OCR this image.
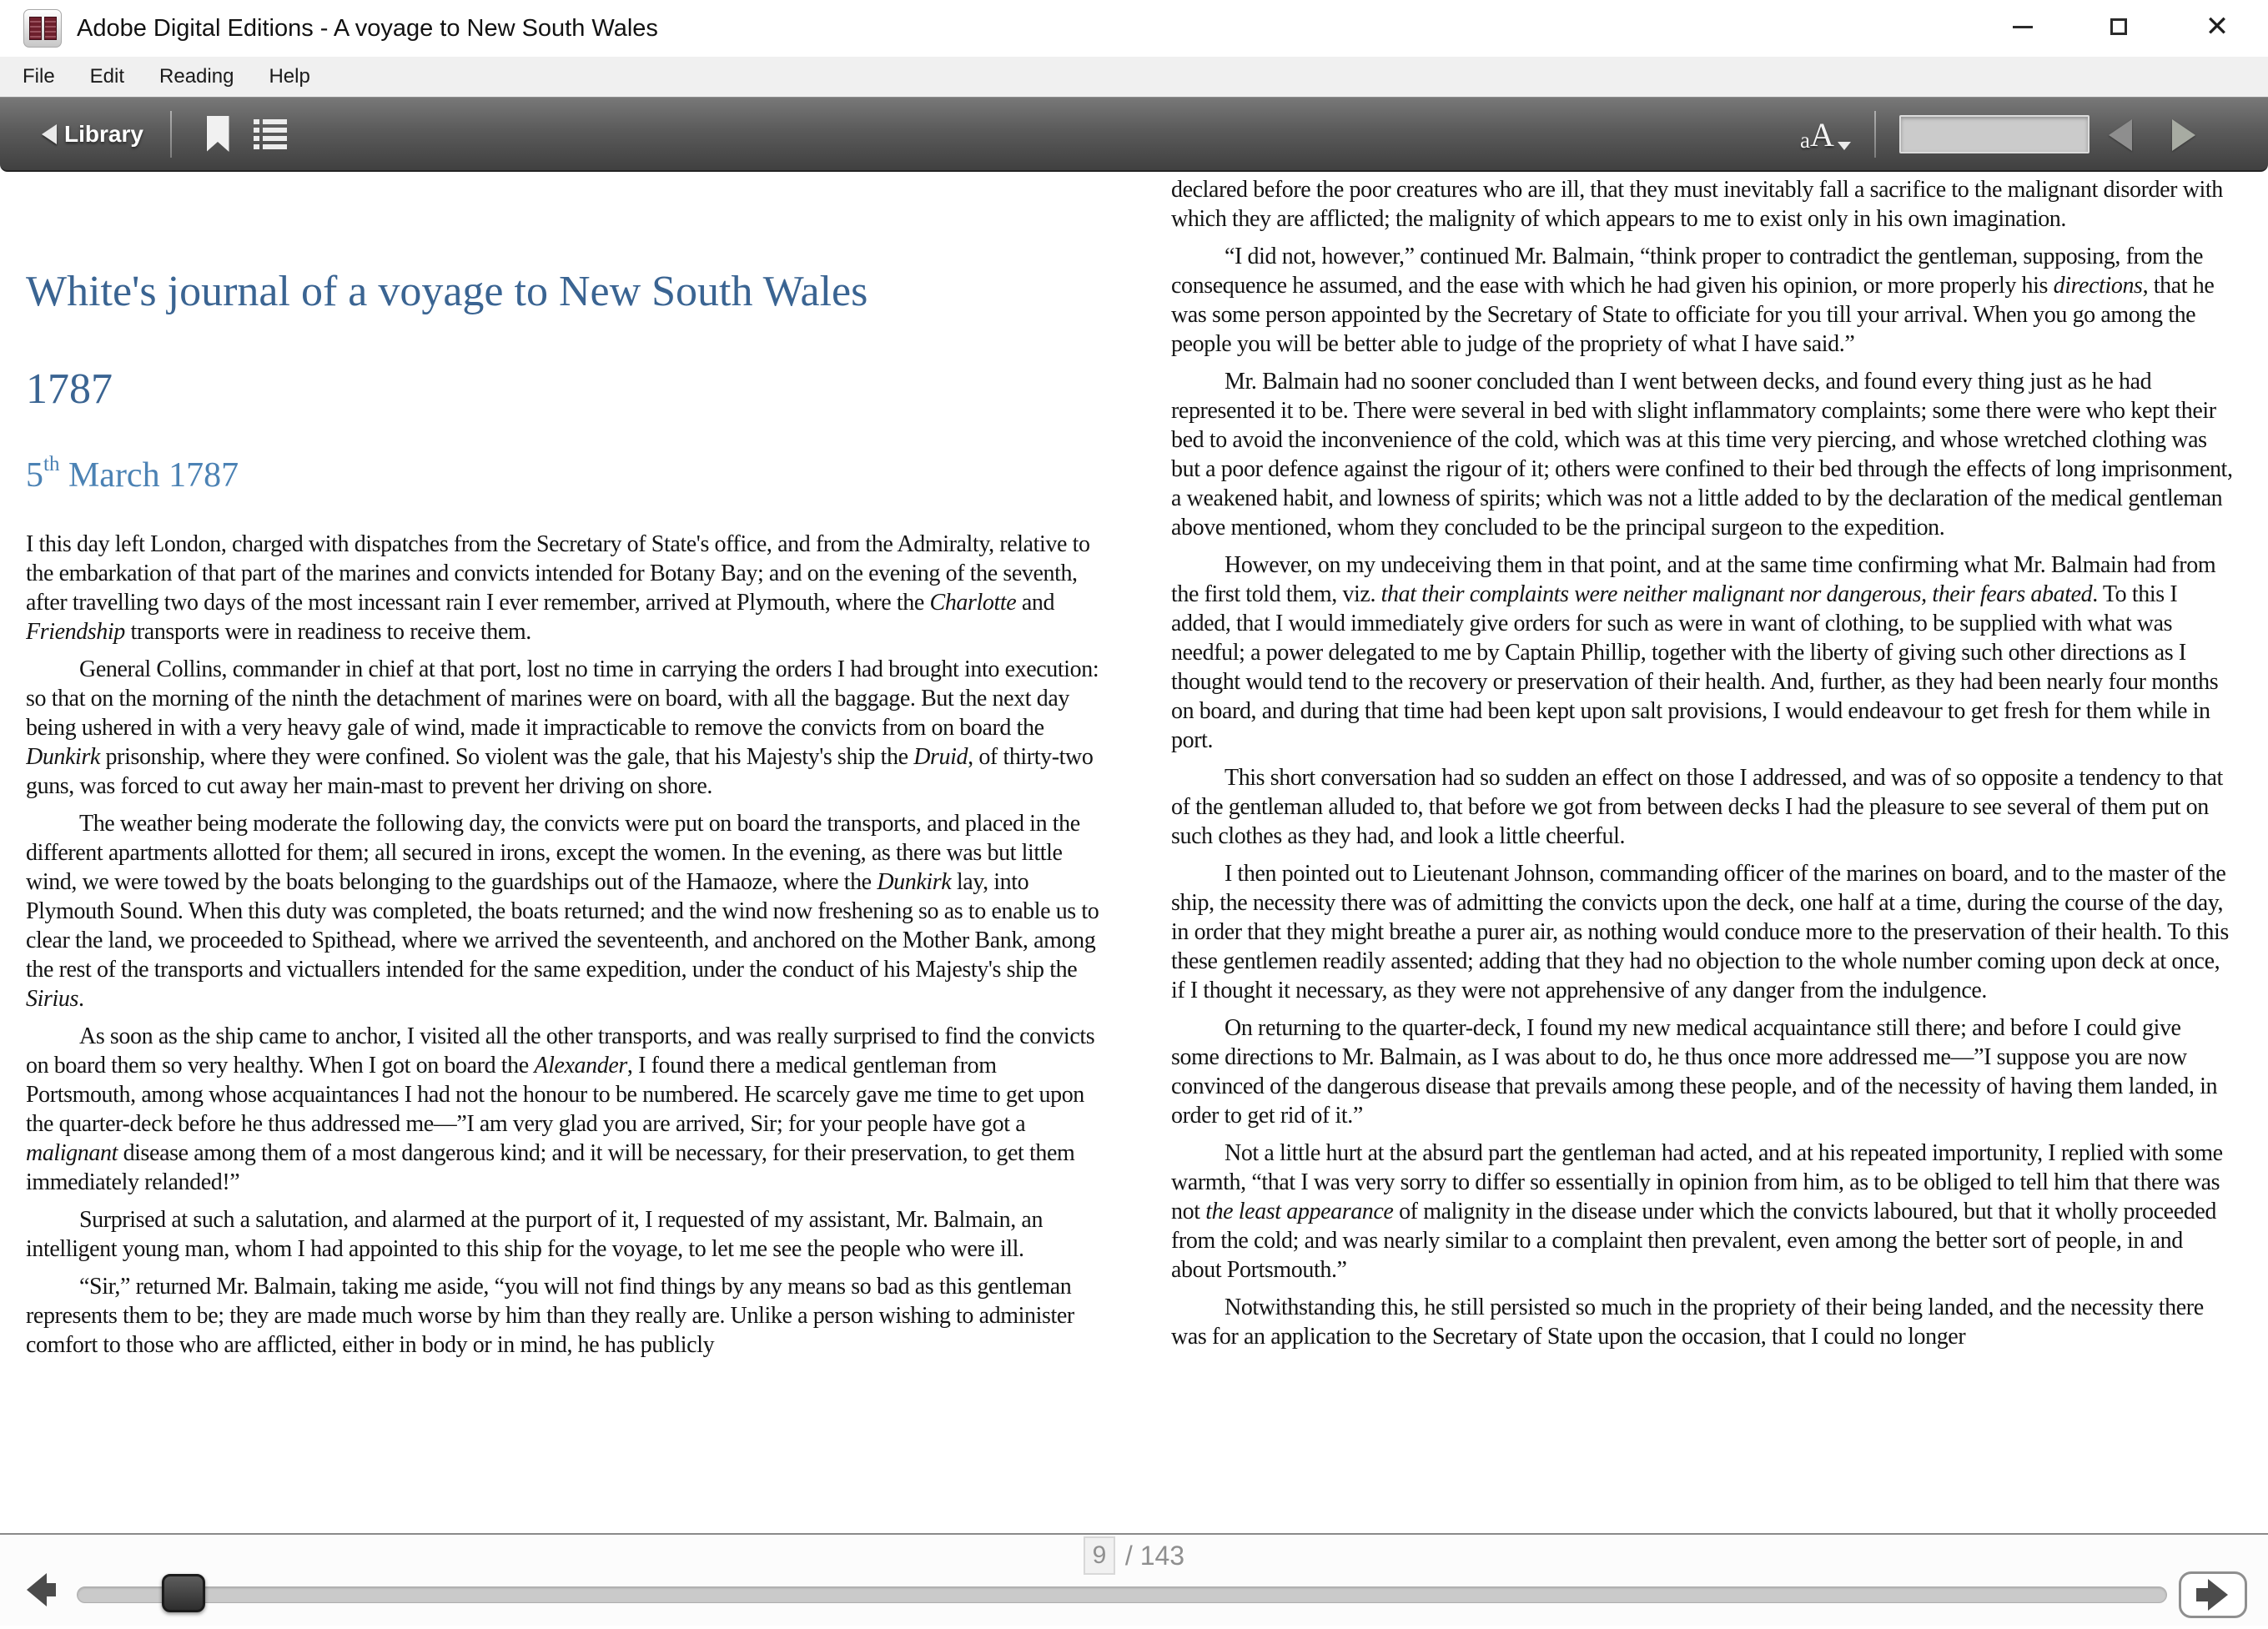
Adobe Digital Editions - A voyage to New South Wales	✕
File	Edit	Reading	Help
Library	a A
White's journal of a voyage to New South Wales
1787
5th March 1787

I this day left London, charged with dispatches from the Secretary of State's office, and from the Admiralty, relative to the embarkation of that part of the marines and convicts intended for Botany Bay; and on the evening of the seventh, after travelling two days of the most incessant rain I ever remember, arrived at Plymouth, where the Charlotte and Friendship transports were in readiness to receive them.

General Collins, commander in chief at that port, lost no time in carrying the orders I had brought into execution: so that on the morning of the ninth the detachment of marines were on board, with all the baggage. But the next day being ushered in with a very heavy gale of wind, made it impracticable to remove the convicts from on board the Dunkirk prisonship, where they were confined. So violent was the gale, that his Majesty's ship the Druid, of thirty-two guns, was forced to cut away her main-mast to prevent her driving on shore.

The weather being moderate the following day, the convicts were put on board the transports, and placed in the different apartments allotted for them; all secured in irons, except the women. In the evening, as there was but little wind, we were towed by the boats belonging to the guardships out of the Hamaoze, where the Dunkirk lay, into Plymouth Sound. When this duty was completed, the boats returned; and the wind now freshening so as to enable us to clear the land, we proceeded to Spithead, where we arrived the seventeenth, and anchored on the Mother Bank, among the rest of the transports and victuallers intended for the same expedition, under the conduct of his Majesty's ship the Sirius.

As soon as the ship came to anchor, I visited all the other transports, and was really surprised to find the convicts on board them so very healthy. When I got on board the Alexander, I found there a medical gentleman from Portsmouth, among whose acquaintances I had not the honour to be numbered. He scarcely gave me time to get upon the quarter-deck before he thus addressed me—”I am very glad you are arrived, Sir; for your people have got a malignant disease among them of a most dangerous kind; and it will be necessary, for their preservation, to get them immediately relanded!”

Surprised at such a salutation, and alarmed at the purport of it, I requested of my assistant, Mr. Balmain, an intelligent young man, whom I had appointed to this ship for the voyage, to let me see the people who were ill.

“Sir,” returned Mr. Balmain, taking me aside, “you will not find things by any means so bad as this gentleman represents them to be; they are made much worse by him than they really are. Unlike a person wishing to administer comfort to those who are afflicted, either in body or in mind, he has publicly

declared before the poor creatures who are ill, that they must inevitably fall a sacrifice to the malignant disorder with which they are afflicted; the malignity of which appears to me to exist only in his own imagination.

“I did not, however,” continued Mr. Balmain, “think proper to contradict the gentleman, supposing, from the consequence he assumed, and the ease with which he had given his opinion, or more properly his directions, that he was some person appointed by the Secretary of State to officiate for you till your arrival. When you go among the people you will be better able to judge of the propriety of what I have said.”

Mr. Balmain had no sooner concluded than I went between decks, and found every thing just as he had represented it to be. There were several in bed with slight inflammatory complaints; some there were who kept their bed to avoid the inconvenience of the cold, which was at this time very piercing, and whose wretched clothing was but a poor defence against the rigour of it; others were confined to their bed through the effects of long imprisonment, a weakened habit, and lowness of spirits; which was not a little added to by the declaration of the medical gentleman above mentioned, whom they concluded to be the principal surgeon to the expedition.

However, on my undeceiving them in that point, and at the same time confirming what Mr. Balmain had from the first told them, viz. that their complaints were neither malignant nor dangerous, their fears abated. To this I added, that I would immediately give orders for such as were in want of clothing, to be supplied with what was needful; a power delegated to me by Captain Phillip, together with the liberty of giving such other directions as I thought would tend to the recovery or preservation of their health. And, further, as they had been nearly four months on board, and during that time had been kept upon salt provisions, I would endeavour to get fresh for them while in port.

This short conversation had so sudden an effect on those I addressed, and was of so opposite a tendency to that of the gentleman alluded to, that before we got from between decks I had the pleasure to see several of them put on such clothes as they had, and look a little cheerful.

I then pointed out to Lieutenant Johnson, commanding officer of the marines on board, and to the master of the ship, the necessity there was of admitting the convicts upon the deck, one half at a time, during the course of the day, in order that they might breathe a purer air, as nothing would conduce more to the preservation of their health. To this these gentlemen readily assented; adding that they had no objection to the whole number coming upon deck at once, if I thought it necessary, as they were not apprehensive of any danger from the indulgence.

On returning to the quarter-deck, I found my new medical acquaintance still there; and before I could give some directions to Mr. Balmain, as I was about to do, he thus once more addressed me—”I suppose you are now convinced of the dangerous disease that prevails among these people, and of the necessity of having them landed, in order to get rid of it.”

Not a little hurt at the absurd part the gentleman had acted, and at his repeated importunity, I replied with some warmth, “that I was very sorry to differ so essentially in opinion from him, as to be obliged to tell him that there was not the least appearance of malignity in the disease under which the convicts laboured, but that it wholly proceeded from the cold; and was nearly similar to a complaint then prevalent, even among the better sort of people, in and about Portsmouth.”

Notwithstanding this, he still persisted so much in the propriety of their being landed, and the necessity there was for an application to the Secretary of State upon the occasion, that I could no longer

9
/ 143
